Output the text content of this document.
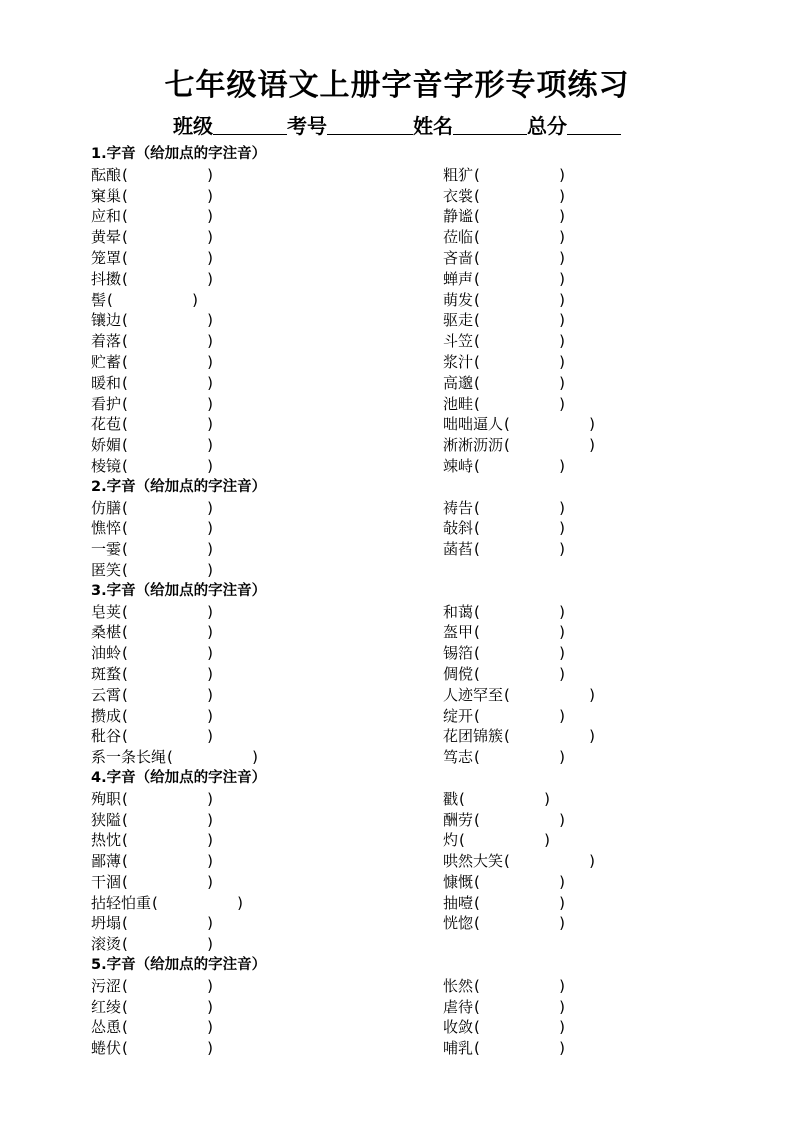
七年级语文上册字音字形专项练习
班级	考号	姓名	总分
1.字音（给加点的字注音）
酝酿(	)	粗犷(	)
窠巢(	)	衣裳(	)
应和(	)	静谧(	)
黄晕(	)	莅临(	)
笼罩(	)	吝啬(	)
抖擞(	)	蝉声(	)
髻(	)	萌发(	)
镶边(	)	驱走(	)
着落(	)	斗笠(	)
贮蓄(	)	浆汁(	)
暖和(	)	高邈(	)
看护(	)	池畦(	)
花苞(	)	咄咄逼人(	)
娇媚(	)	淅淅沥沥(	)
棱镜(	)	竦峙(	)
2.字音（给加点的字注音）
仿膳(	)	祷告(	)
憔悴(	)	敧斜(	)
一霎(	)	菡萏(	)
匿笑(	)
3.字音（给加点的字注音）
皂荚(	)	和蔼(	)
桑椹(	)	盔甲(	)
油蛉(	)	锡箔(	)
斑蝥(	)	倜傥(	)
云霄(	)	人迹罕至(	)
攒成(	)	绽开(	)
秕谷(	)	花团锦簇(	)
系一条长绳(	)	笃志(	)
4.字音（给加点的字注音）
殉职(	)	戳(	)
狭隘(	)	酬劳(	)
热忱(	)	灼(	)
鄙薄(	)	哄然大笑(	)
干涸(	)	慷慨(	)
拈轻怕重(	)	抽噎(	)
坍塌(	)	恍惚(	)
滚烫(	)
5.字音（给加点的字注音）
污涩(	)	怅然(	)
红绫(	)	虐待(	)
怂恿(	)	收敛(	)
蜷伏(	)	哺乳(	)
